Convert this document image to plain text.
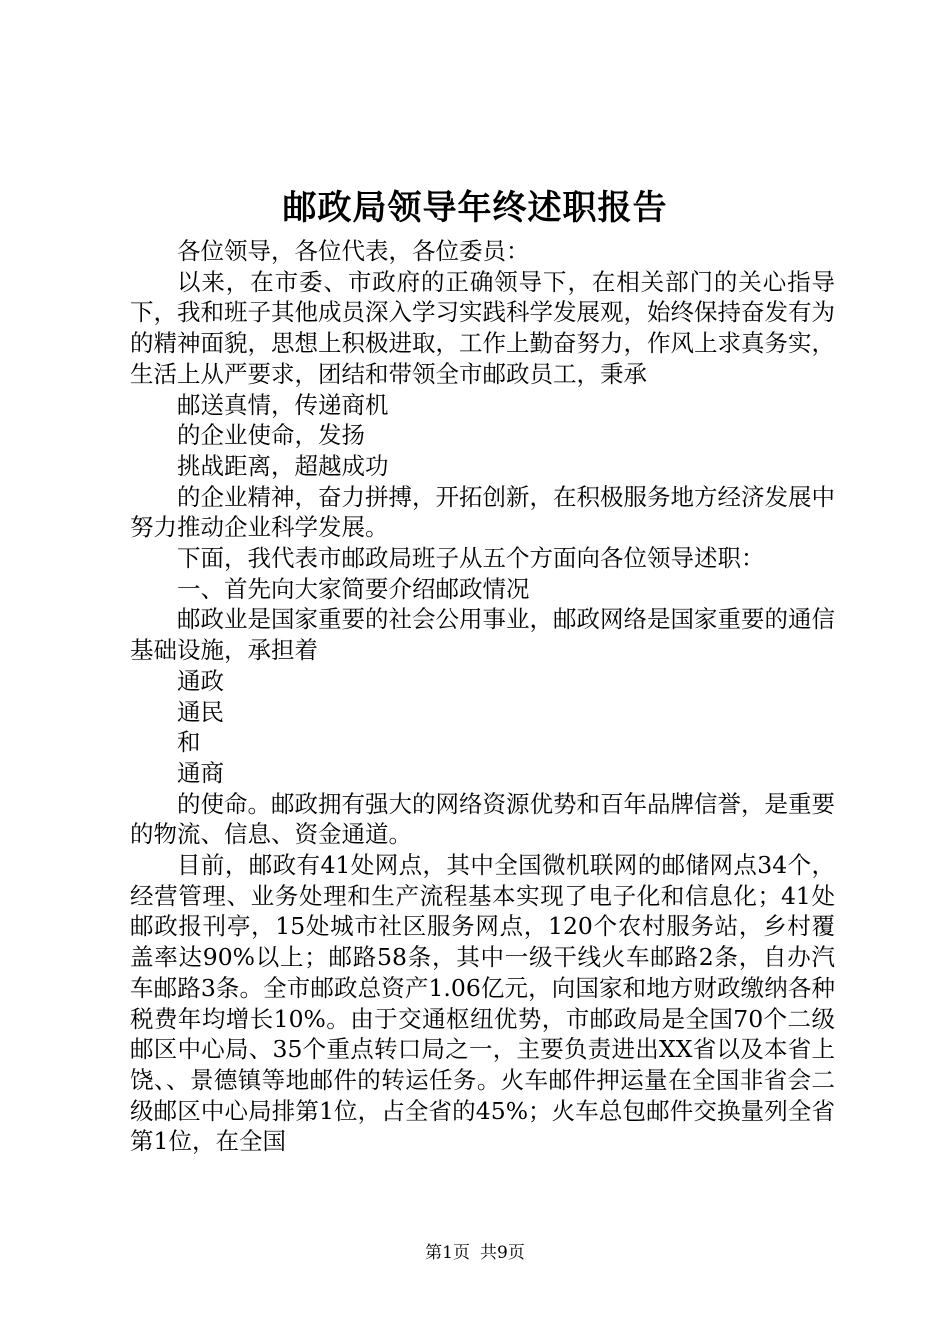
邮政局领导年终述职报告

各位领导，各位代表，各位委员：

以来，在市委、市政府的正确领导下，在相关部门的关心指导下，我和班子其他成员深入学习实践科学发展观，始终保持奋发有为的精神面貌，思想上积极进取，工作上勤奋努力，作风上求真务实，生活上从严要求，团结和带领全市邮政员工，秉承

邮送真情，传递商机

的企业使命，发扬

挑战距离，超越成功

的企业精神，奋力拼搏，开拓创新，在积极服务地方经济发展中努力推动企业科学发展。

下面，我代表市邮政局班子从五个方面向各位领导述职：

一、首先向大家简要介绍邮政情况

邮政业是国家重要的社会公用事业，邮政网络是国家重要的通信基础设施，承担着

通政

通民

和

通商

的使命。邮政拥有强大的网络资源优势和百年品牌信誉，是重要的物流、信息、资金通道。

目前，邮政有41处网点，其中全国微机联网的邮储网点34个，经营管理、业务处理和生产流程基本实现了电子化和信息化；41处邮政报刊亭，15处城市社区服务网点，120个农村服务站，乡村覆盖率达90%以上；邮路58条，其中一级干线火车邮路2条，自办汽车邮路3条。全市邮政总资产1.06亿元，向国家和地方财政缴纳各种税费年均增长10%。由于交通枢纽优势，市邮政局是全国70个二级邮区中心局、35个重点转口局之一，主要负责进出XX省以及本省上饶、、景德镇等地邮件的转运任务。火车邮件押运量在全国非省会二级邮区中心局排第1位，占全省的45%；火车总包邮件交换量列全省第1位，在全国

第1页 共9页
